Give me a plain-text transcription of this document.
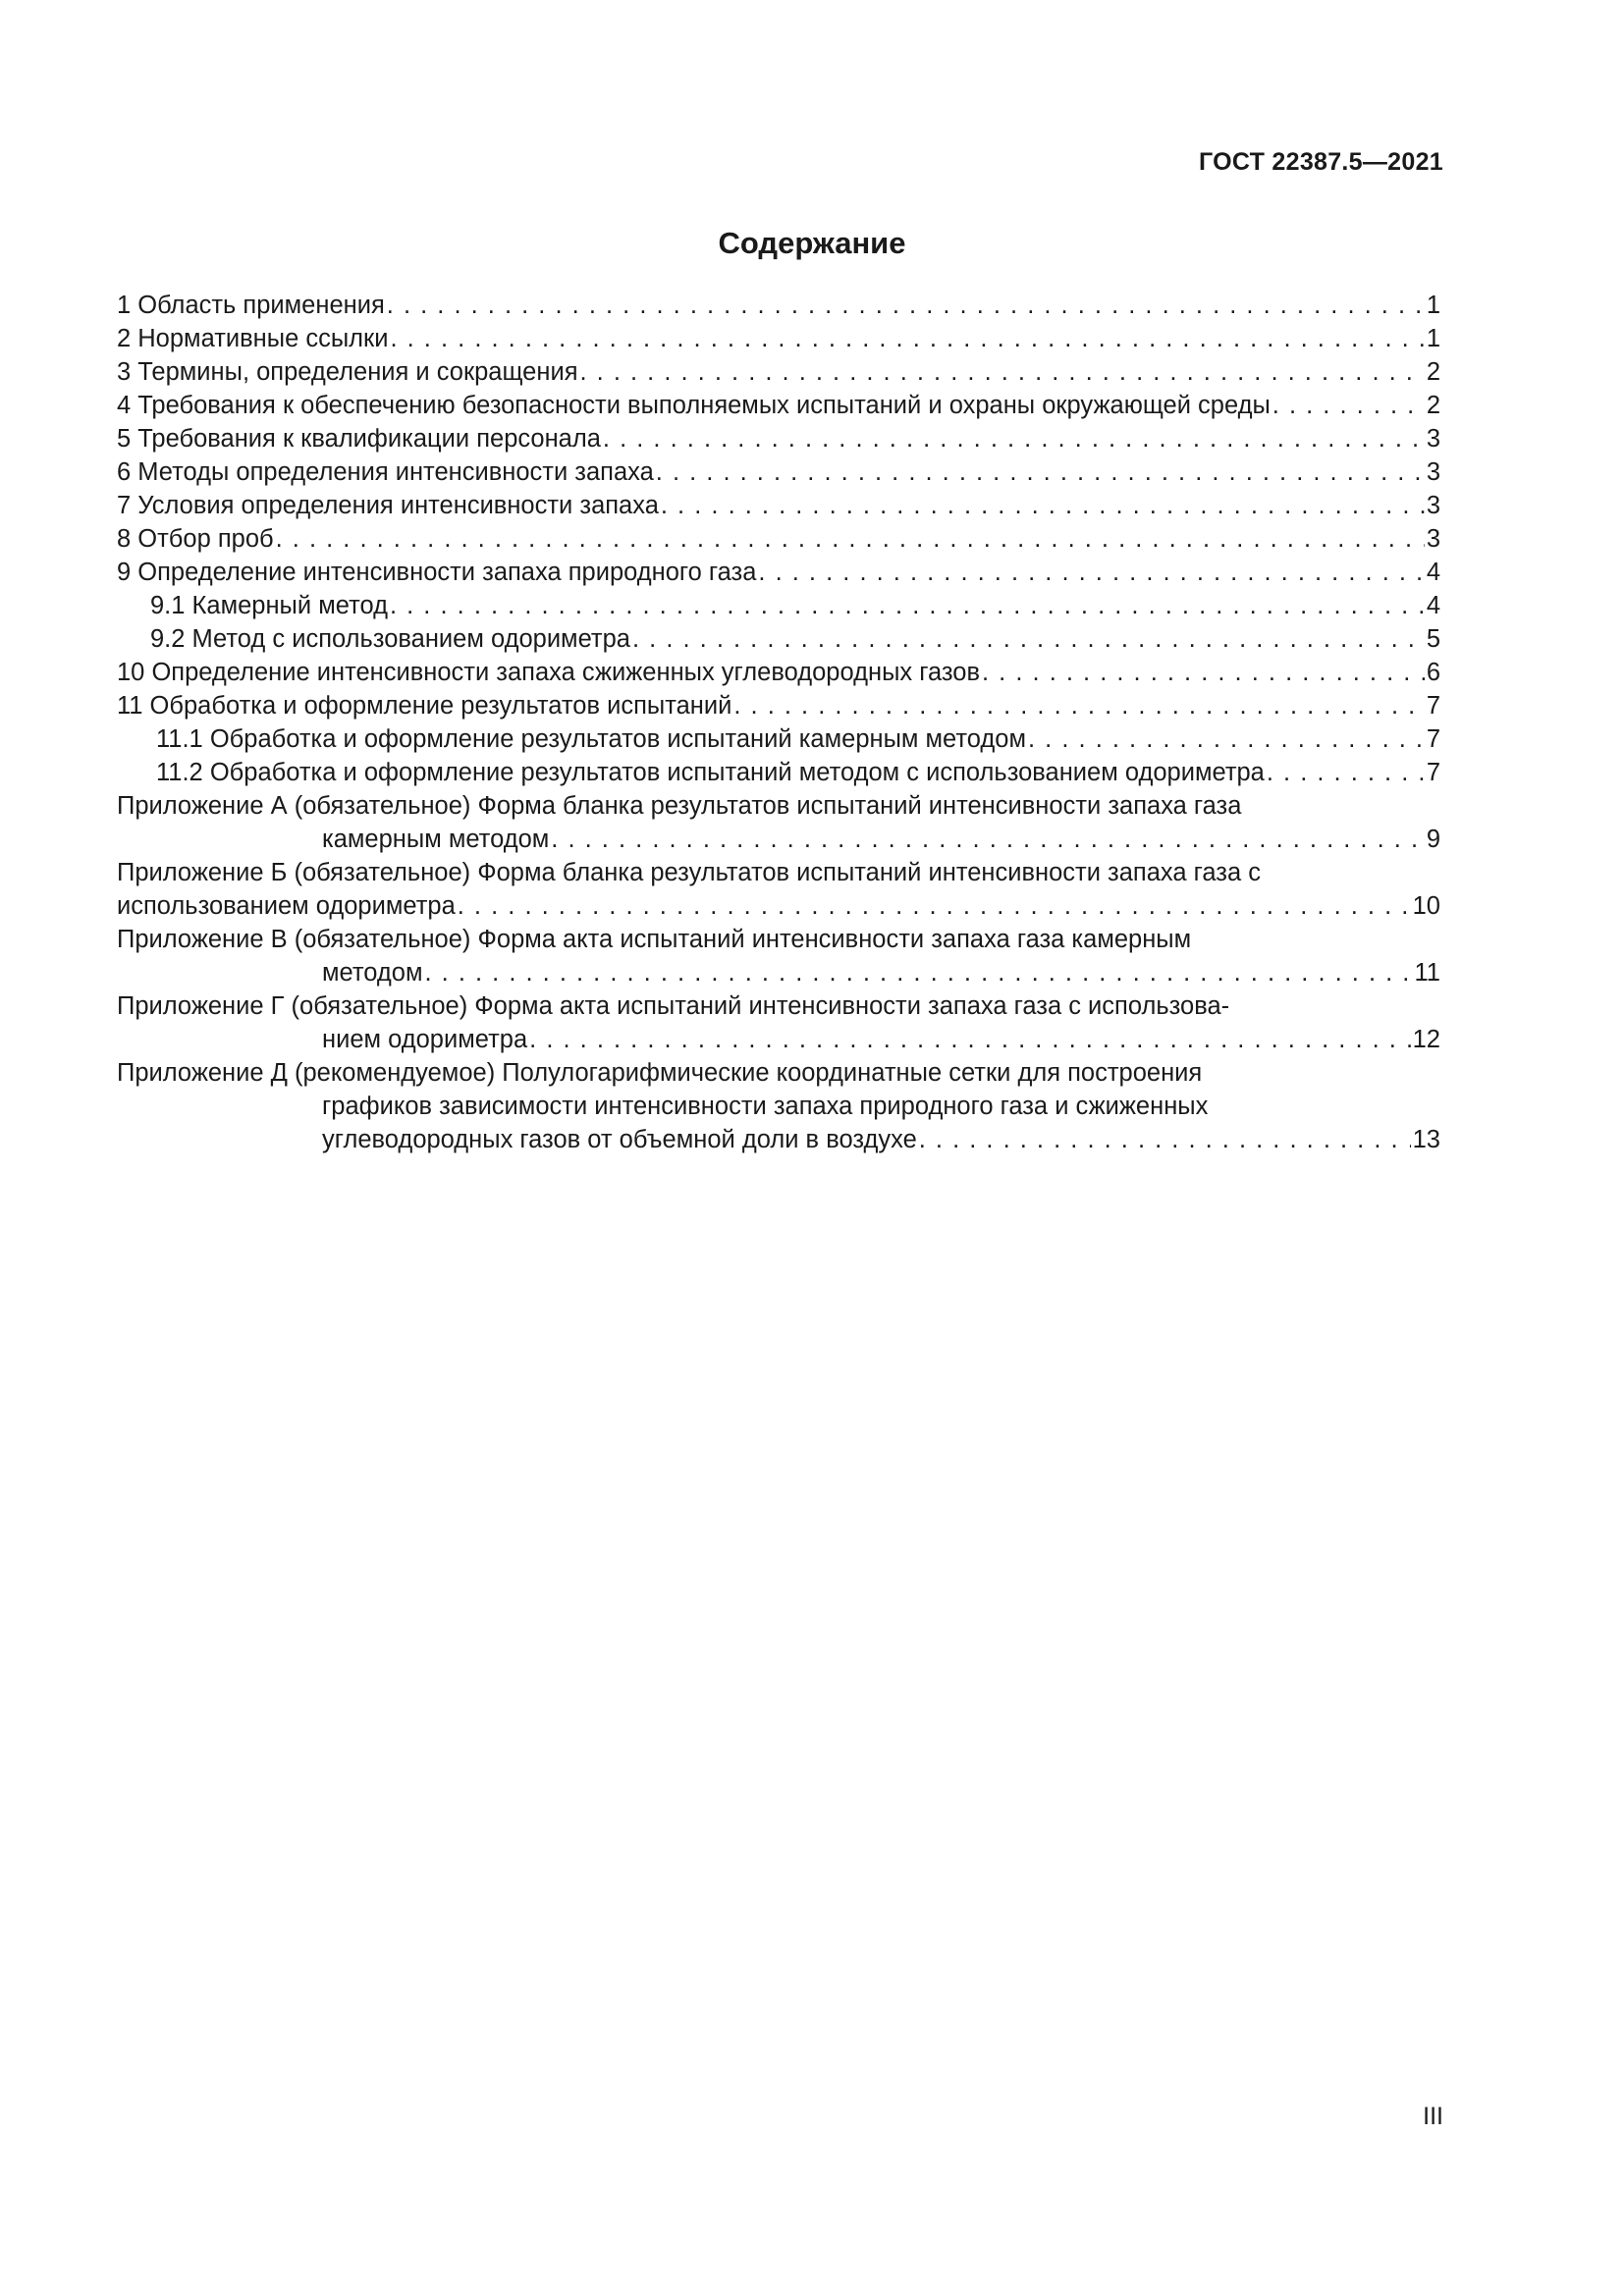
ГОСТ 22387.5—2021
Содержание
1 Область применения . . .	1
2 Нормативные ссылки . . .	1
3 Термины, определения и сокращения . . .	2
4 Требования к обеспечению безопасности выполняемых испытаний и охраны окружающей среды . . .	2
5 Требования к квалификации персонала . . .	3
6 Методы определения интенсивности запаха . . .	3
7 Условия определения интенсивности запаха . . .	3
8 Отбор проб . . .	3
9 Определение интенсивности запаха природного газа . . .	4
9.1 Камерный метод . . .	4
9.2 Метод с использованием одориметра . . .	5
10 Определение интенсивности запаха сжиженных углеводородных газов . . .	6
11 Обработка и оформление результатов испытаний . . .	7
11.1 Обработка и оформление результатов испытаний камерным методом . . .	7
11.2 Обработка и оформление результатов испытаний методом с использованием одориметра . . .	7
Приложение А (обязательное) Форма бланка результатов испытаний интенсивности запаха газа
камерным методом . . .	9
Приложение Б (обязательное) Форма бланка результатов испытаний интенсивности запаха газа с
использованием одориметра . . .	10
Приложение В (обязательное) Форма акта испытаний интенсивности запаха газа камерным
методом . . .	11
Приложение Г (обязательное) Форма акта испытаний интенсивности запаха газа с использова-
нием одориметра . . .	12
Приложение Д (рекомендуемое) Полулогарифмические координатные сетки для построения
графиков зависимости интенсивности запаха природного газа и сжиженных
углеводородных газов от объемной доли в воздухе . . .	13
III
